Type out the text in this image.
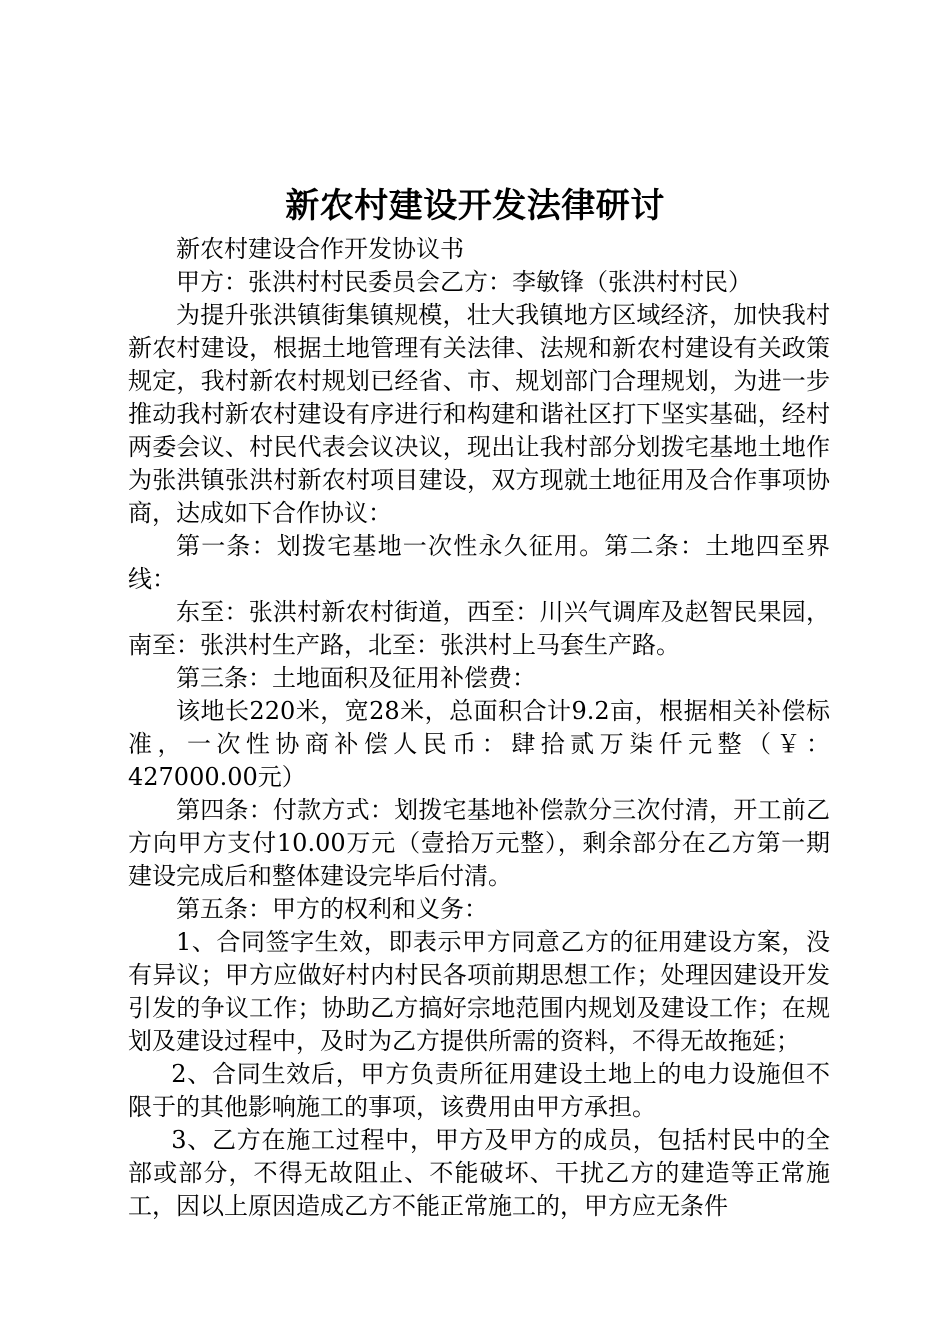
新农村建设开发法律研讨

新农村建设合作开发协议书

甲方：张洪村村民委员会乙方：李敏锋（张洪村村民）

为提升张洪镇街集镇规模，壮大我镇地方区域经济，加快我村新农村建设，根据土地管理有关法律、法规和新农村建设有关政策规定，我村新农村规划已经省、市、规划部门合理规划，为进一步推动我村新农村建设有序进行和构建和谐社区打下坚实基础，经村两委会议、村民代表会议决议，现出让我村部分划拨宅基地土地作为张洪镇张洪村新农村项目建设，双方现就土地征用及合作事项协商，达成如下合作协议：

第一条：划拨宅基地一次性永久征用。第二条：土地四至界线：

东至：张洪村新农村街道，西至：川兴气调库及赵智民果园，南至：张洪村生产路，北至：张洪村上马套生产路。

第三条：土地面积及征用补偿费：

该地长220米，宽28米，总面积合计9.2亩，根据相关补偿标准，一次性协商补偿人民币：肆拾贰万柒仟元整（￥：427000.00元）

第四条：付款方式：划拨宅基地补偿款分三次付清，开工前乙方向甲方支付10.00万元（壹拾万元整），剩余部分在乙方第一期建设完成后和整体建设完毕后付清。

第五条：甲方的权利和义务：

1、合同签字生效，即表示甲方同意乙方的征用建设方案，没有异议；甲方应做好村内村民各项前期思想工作；处理因建设开发引发的争议工作；协助乙方搞好宗地范围内规划及建设工作；在规划及建设过程中，及时为乙方提供所需的资料，不得无故拖延；

2、合同生效后，甲方负责所征用建设土地上的电力设施但不限于的其他影响施工的事项，该费用由甲方承担。

3、乙方在施工过程中，甲方及甲方的成员，包括村民中的全部或部分，不得无故阻止、不能破坏、干扰乙方的建造等正常施工，因以上原因造成乙方不能正常施工的，甲方应无条件
